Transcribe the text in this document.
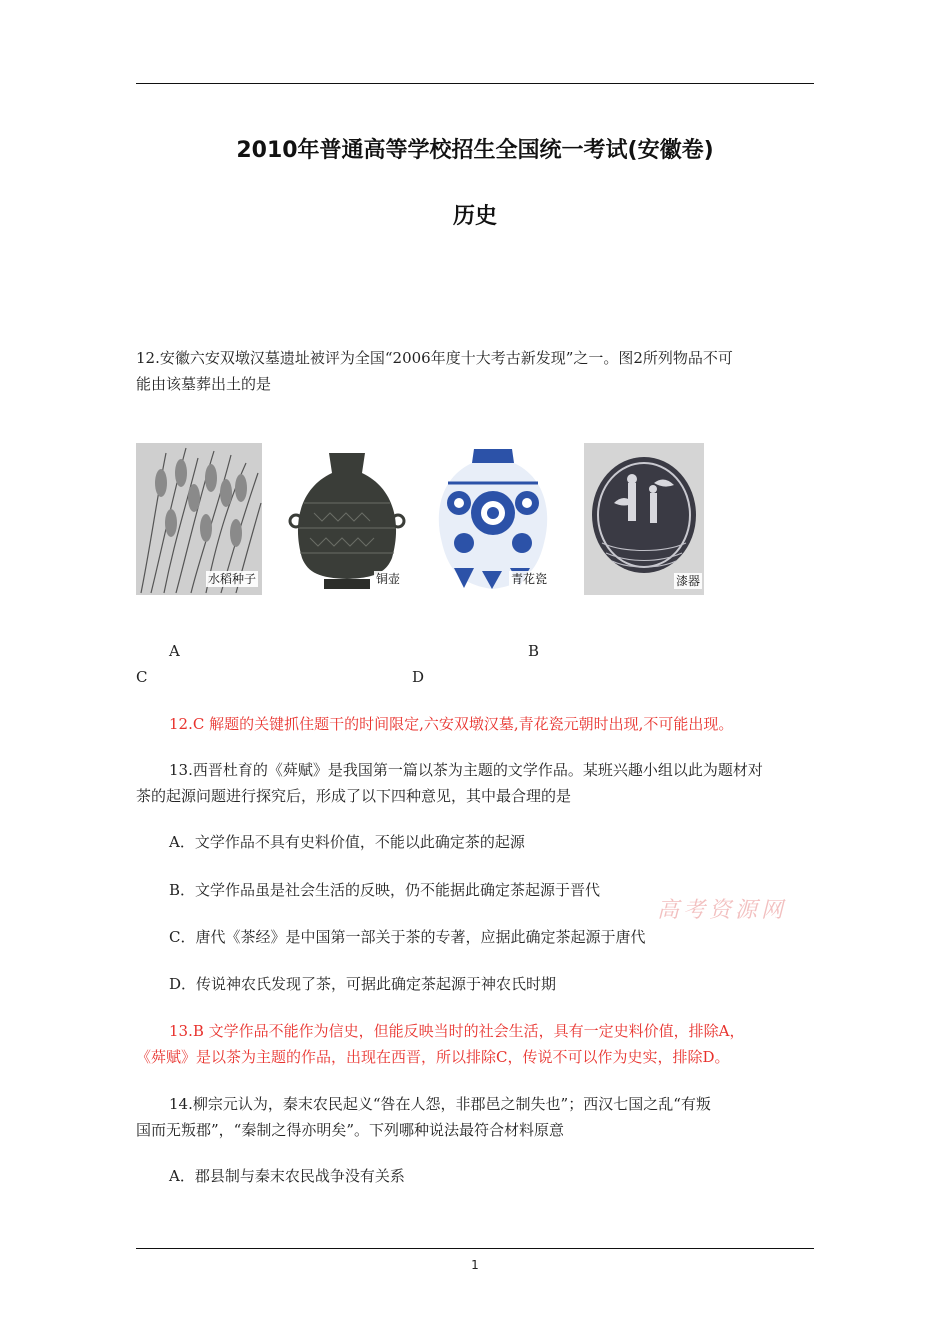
2010年普通高等学校招生全国统一考试(安徽卷)
历史
12.安徽六安双墩汉墓遗址被评为全国“2006年度十大考古新发现”之一。图2所列物品不可
能由该墓葬出土的是
水稻种子	铜壶	青花瓷	漆器
A	B
C	D
12.C 解题的关键抓住题干的时间限定,六安双墩汉墓,青花瓷元朝时出现,不可能出现。
13.西晋杜育的《荈赋》是我国第一篇以茶为主题的文学作品。某班兴趣小组以此为题材对
茶的起源问题进行探究后，形成了以下四种意见，其中最合理的是
A．文学作品不具有史料价值，不能以此确定茶的起源
B．文学作品虽是社会生活的反映，仍不能据此确定茶起源于晋代
C．唐代《茶经》是中国第一部关于茶的专著，应据此确定茶起源于唐代
D．传说神农氏发现了茶，可据此确定茶起源于神农氏时期
高考资源网
13.B 文学作品不能作为信史，但能反映当时的社会生活，具有一定史料价值，排除A，
《荈赋》是以茶为主题的作品，出现在西晋，所以排除C，传说不可以作为史实，排除D。
14.柳宗元认为，秦末农民起义“咎在人怨，非郡邑之制失也”；西汉七国之乱“有叛
国而无叛郡”，“秦制之得亦明矣”。下列哪种说法最符合材料原意
A．郡县制与秦末农民战争没有关系
1
